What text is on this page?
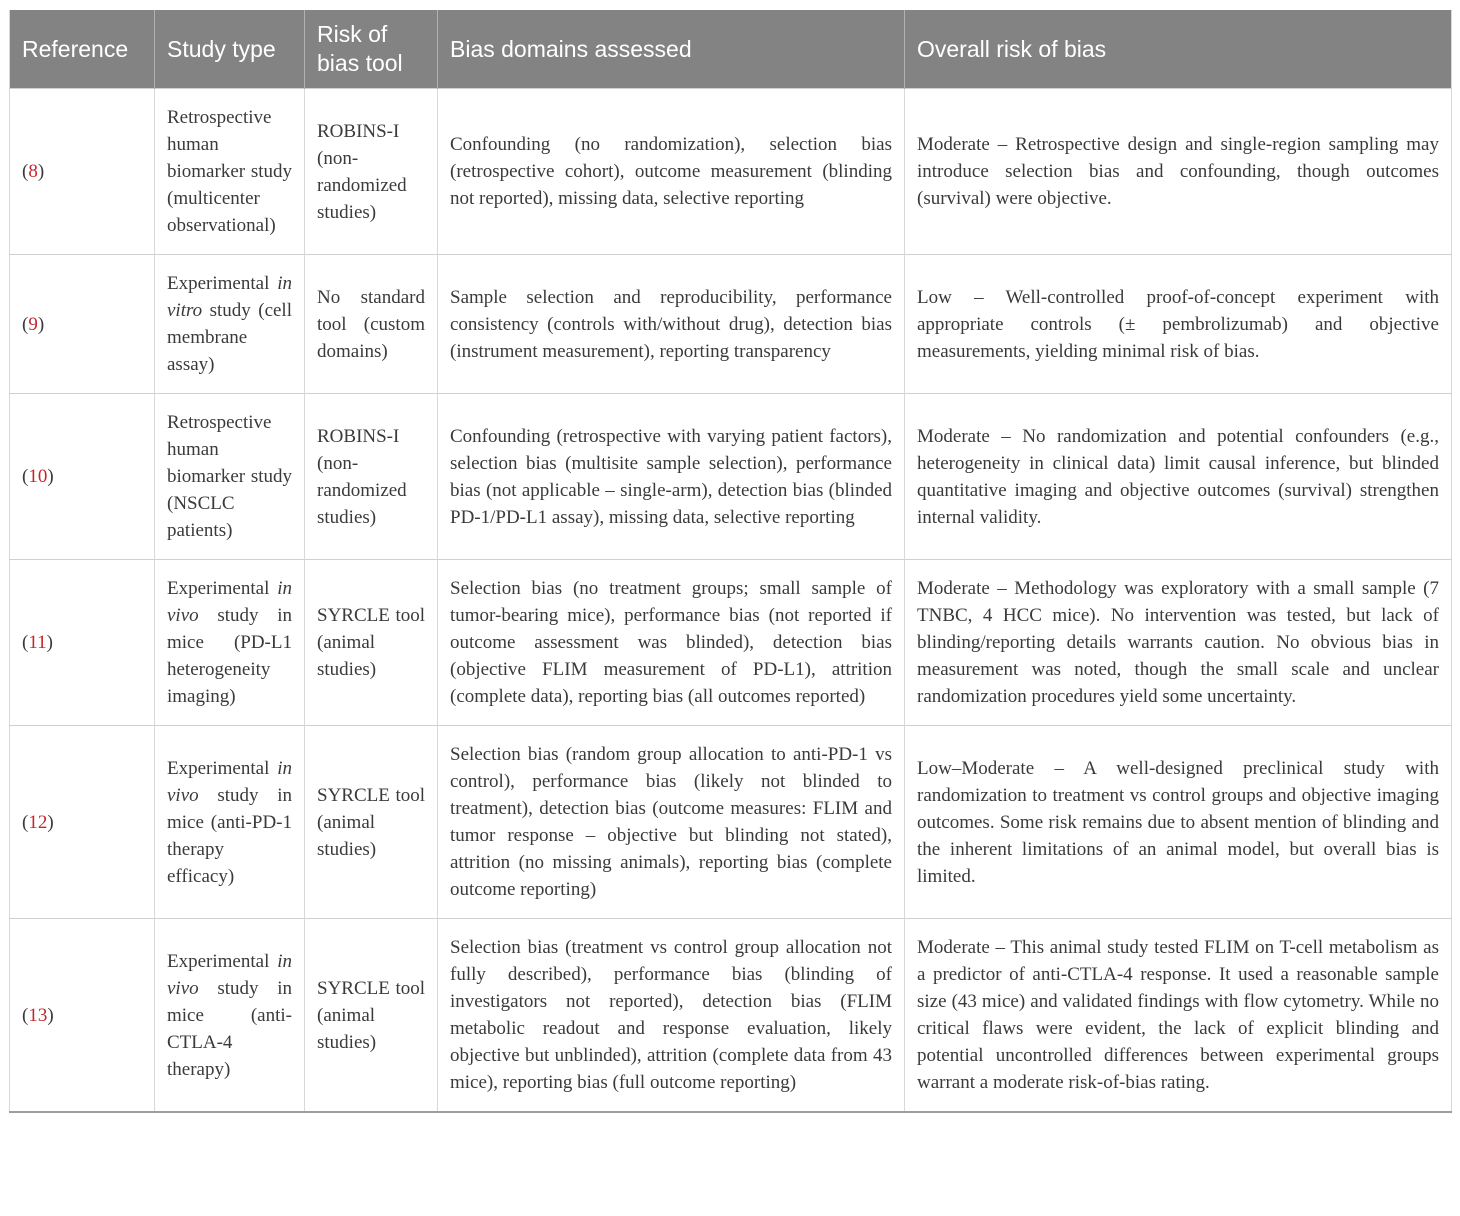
Reference	Study type	Risk of bias tool	Bias domains assessed	Overall risk of bias
(8)	Retrospective human biomarker study (multicenter observational)	ROBINS-I (non-randomized studies)	Confounding (no randomization), selection bias (retrospective cohort), outcome measurement (blinding not reported), missing data, selective reporting	Moderate – Retrospective design and single-region sampling may introduce selection bias and confounding, though outcomes (survival) were objective.
(9)	Experimental in vitro study (cell membrane assay)	No standard tool (custom domains)	Sample selection and reproducibility, performance consistency (controls with/without drug), detection bias (instrument measurement), reporting transparency	Low – Well-controlled proof-of-concept experiment with appropriate controls (± pembrolizumab) and objective measurements, yielding minimal risk of bias.
(10)	Retrospective human biomarker study (NSCLC patients)	ROBINS-I (non-randomized studies)	Confounding (retrospective with varying patient factors), selection bias (multisite sample selection), performance bias (not applicable – single-arm), detection bias (blinded PD-1/PD-L1 assay), missing data, selective reporting	Moderate – No randomization and potential confounders (e.g., heterogeneity in clinical data) limit causal inference, but blinded quantitative imaging and objective outcomes (survival) strengthen internal validity.
(11)	Experimental in vivo study in mice (PD-L1 heterogeneity imaging)	SYRCLE tool (animal studies)	Selection bias (no treatment groups; small sample of tumor-bearing mice), performance bias (not reported if outcome assessment was blinded), detection bias (objective FLIM measurement of PD-L1), attrition (complete data), reporting bias (all outcomes reported)	Moderate – Methodology was exploratory with a small sample (7 TNBC, 4 HCC mice). No intervention was tested, but lack of blinding/reporting details warrants caution. No obvious bias in measurement was noted, though the small scale and unclear randomization procedures yield some uncertainty.
(12)	Experimental in vivo study in mice (anti-PD-1 therapy efficacy)	SYRCLE tool (animal studies)	Selection bias (random group allocation to anti-PD-1 vs control), performance bias (likely not blinded to treatment), detection bias (outcome measures: FLIM and tumor response – objective but blinding not stated), attrition (no missing animals), reporting bias (complete outcome reporting)	Low–Moderate – A well-designed preclinical study with randomization to treatment vs control groups and objective imaging outcomes. Some risk remains due to absent mention of blinding and the inherent limitations of an animal model, but overall bias is limited.
(13)	Experimental in vivo study in mice (anti-CTLA-4 therapy)	SYRCLE tool (animal studies)	Selection bias (treatment vs control group allocation not fully described), performance bias (blinding of investigators not reported), detection bias (FLIM metabolic readout and response evaluation, likely objective but unblinded), attrition (complete data from 43 mice), reporting bias (full outcome reporting)	Moderate – This animal study tested FLIM on T-cell metabolism as a predictor of anti-CTLA-4 response. It used a reasonable sample size (43 mice) and validated findings with flow cytometry. While no critical flaws were evident, the lack of explicit blinding and potential uncontrolled differences between experimental groups warrant a moderate risk-of-bias rating.
